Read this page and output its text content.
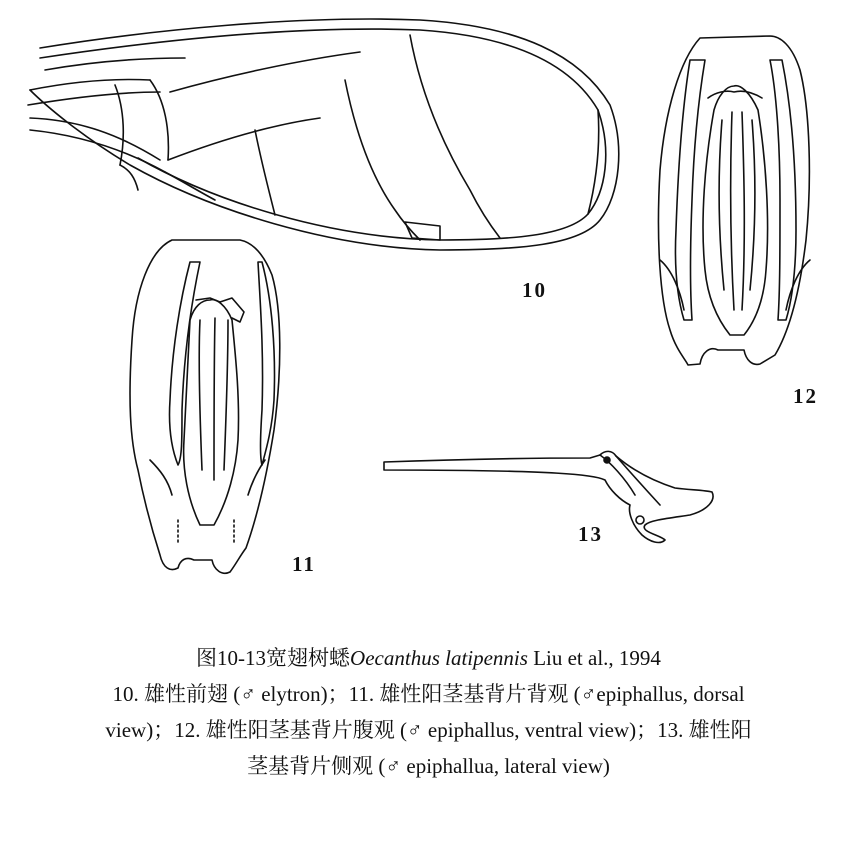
10
11
12
13
图10-13宽翅树蟋Oecanthus latipennis Liu et al., 1994
10. 雄性前翅 (♂ elytron)；11. 雄性阳茎基背片背观 (♂epiphallus, dorsal
view)；12. 雄性阳茎基背片腹观 (♂ epiphallus, ventral view)；13. 雄性阳
茎基背片侧观 (♂ epiphallua, lateral view)
